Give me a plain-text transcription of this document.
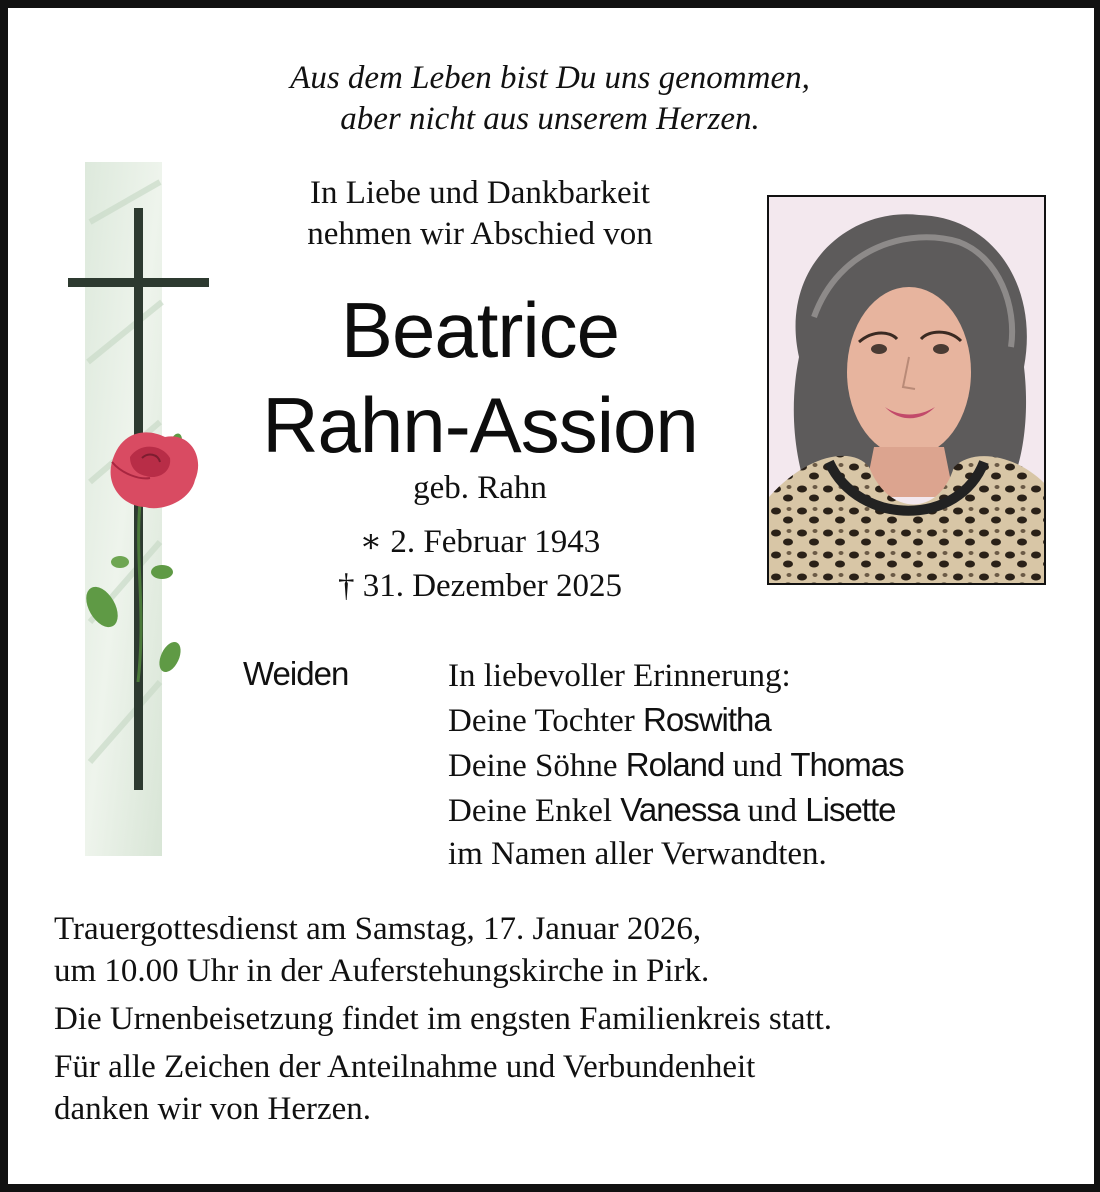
Aus dem Leben bist Du uns genommen,
aber nicht aus unserem Herzen.
In Liebe und Dankbarkeit
nehmen wir Abschied von
Beatrice
Rahn-Assion
geb. Rahn
∗ 2. Februar 1943
† 31. Dezember 2025
Weiden	In liebevoller Erinnerung:
Deine Tochter Roswitha
Deine Söhne Roland und Thomas
Deine Enkel Vanessa und Lisette
im Namen aller Verwandten.

Trauergottesdienst am Samstag, 17. Januar 2026,
um 10.00 Uhr in der Auferstehungskirche in Pirk.

Die Urnenbeisetzung findet im engsten Familienkreis statt.

Für alle Zeichen der Anteilnahme und Verbundenheit
danken wir von Herzen.
